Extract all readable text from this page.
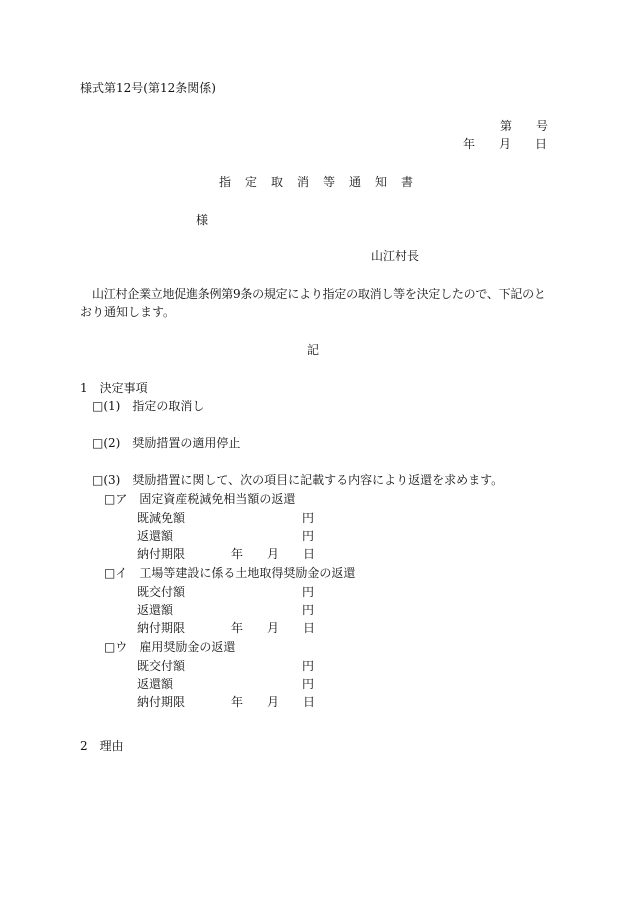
様式第12号(第12条関係)
第　　号
年　　月　　日
指定取消等通知書
様
山江村長
山江村企業立地促進条例第9条の規定により指定の取消し等を決定したので、下記のと
おり通知します。
記
1　決定事項
□(1)　指定の取消し
□(2)　奨励措置の適用停止
□(3)　奨励措置に関して、次の項目に記載する内容により返還を求めます。
□ア　固定資産税減免相当額の返還
既減免額	円
返還額	円
納付期限	年　　月　　日
□イ　工場等建設に係る土地取得奨励金の返還
既交付額	円
返還額	円
納付期限	年　　月　　日
□ウ　雇用奨励金の返還
既交付額	円
返還額	円
納付期限	年　　月　　日
2　理由
